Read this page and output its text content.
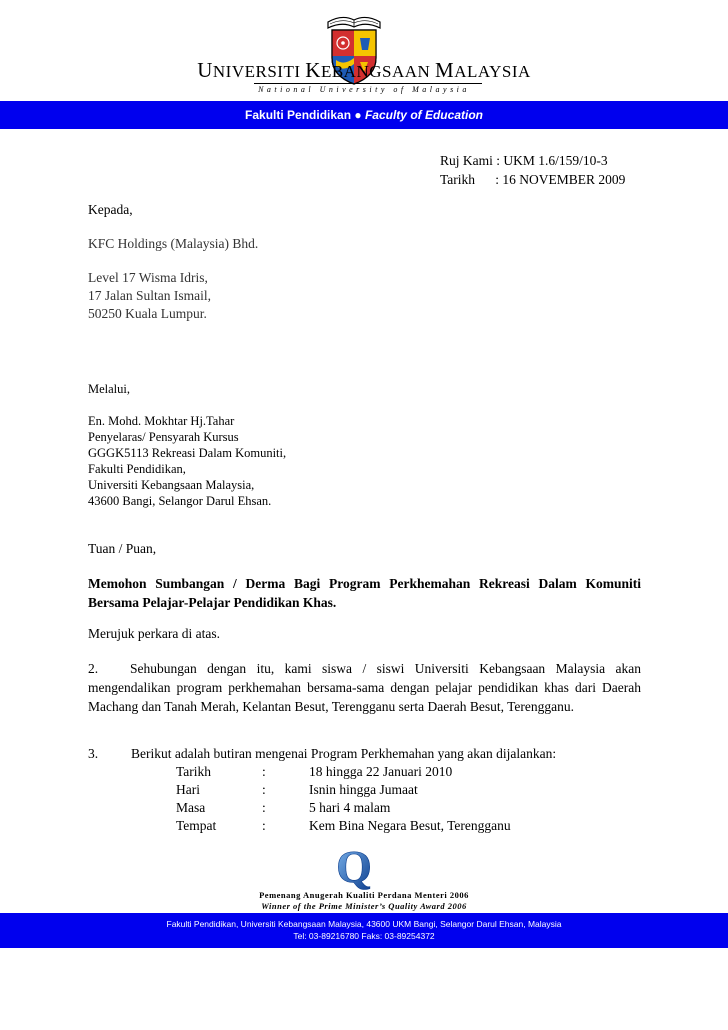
UNIVERSITI KEBANGSAAN MALAYSIA
National University of Malaysia
Fakulti Pendidikan ● Faculty of Education
Ruj Kami : UKM 1.6/159/10-3
Tarikh      : 16 NOVEMBER 2009
Kepada,
KFC Holdings (Malaysia) Bhd.
Level 17 Wisma Idris,
17 Jalan Sultan Ismail,
50250 Kuala Lumpur.
Melalui,
En. Mohd. Mokhtar Hj.Tahar
Penyelaras/ Pensyarah Kursus
GGGK5113 Rekreasi Dalam Komuniti,
Fakulti Pendidikan,
Universiti Kebangsaan Malaysia,
43600 Bangi, Selangor Darul Ehsan.
Tuan / Puan,
Memohon Sumbangan / Derma Bagi Program Perkhemahan Rekreasi Dalam Komuniti Bersama Pelajar-Pelajar Pendidikan Khas.
Merujuk perkara di atas.
2. Sehubungan dengan itu, kami siswa / siswi Universiti Kebangsaan Malaysia akan mengendalikan program perkhemahan bersama-sama dengan pelajar pendidikan khas dari Daerah Machang dan Tanah Merah, Kelantan Besut, Terengganu serta Daerah Besut, Terengganu.
3. Berikut adalah butiran mengenai Program Perkhemahan yang akan dijalankan:
Tarikh	:	18 hingga 22 Januari 2010
Hari	:	Isnin hingga Jumaat
Masa	:	5 hari 4 malam
Tempat	:	Kem Bina Negara Besut, Terengganu
Q
Pemenang Anugerah Kualiti Perdana Menteri 2006
Winner of the Prime Minister’s Quality Award 2006
Fakulti Pendidikan, Universiti Kebangsaan Malaysia, 43600 UKM Bangi, Selangor Darul Ehsan, Malaysia
Tel: 03-89216780 Faks: 03-89254372
